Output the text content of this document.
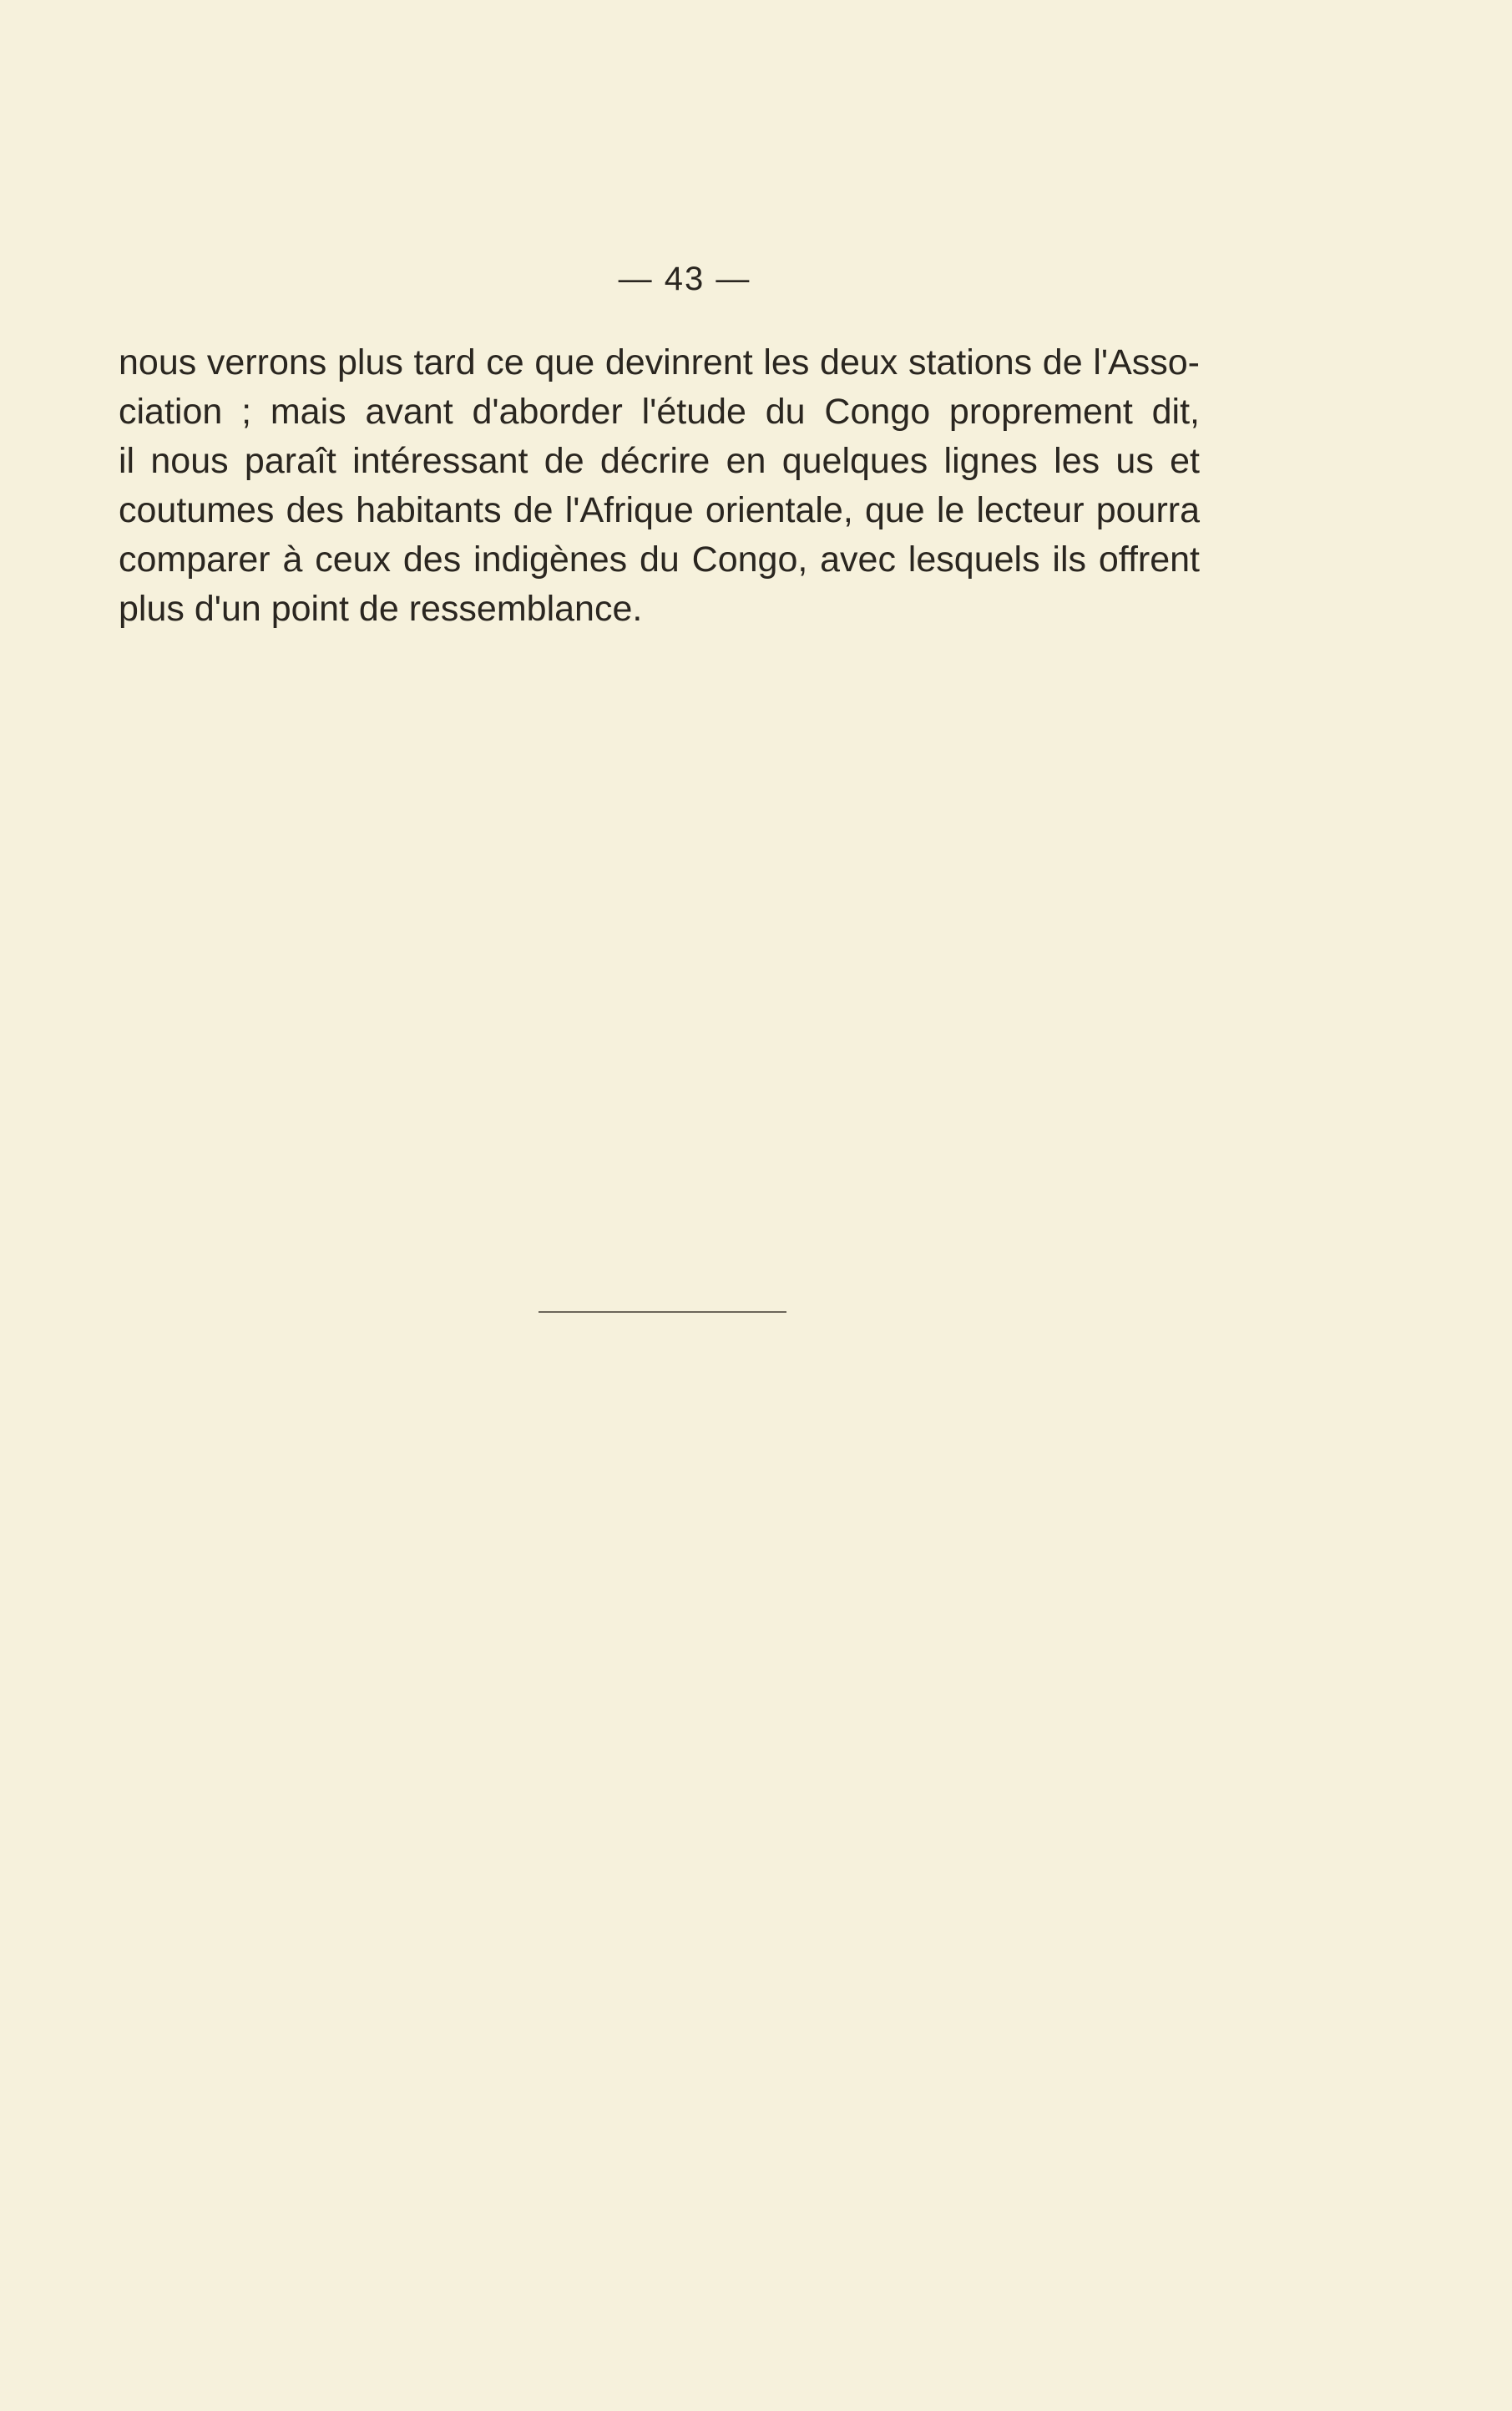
— 43 —

nous verrons plus tard ce que devinrent les deux stations de l'Asso-
ciation ; mais avant d'aborder l'étude du Congo proprement dit,
il nous paraît intéressant de décrire en quelques lignes les us et
coutumes des habitants de l'Afrique orientale, que le lecteur pourra
comparer à ceux des indigènes du Congo, avec lesquels ils offrent
plus d'un point de ressemblance.
